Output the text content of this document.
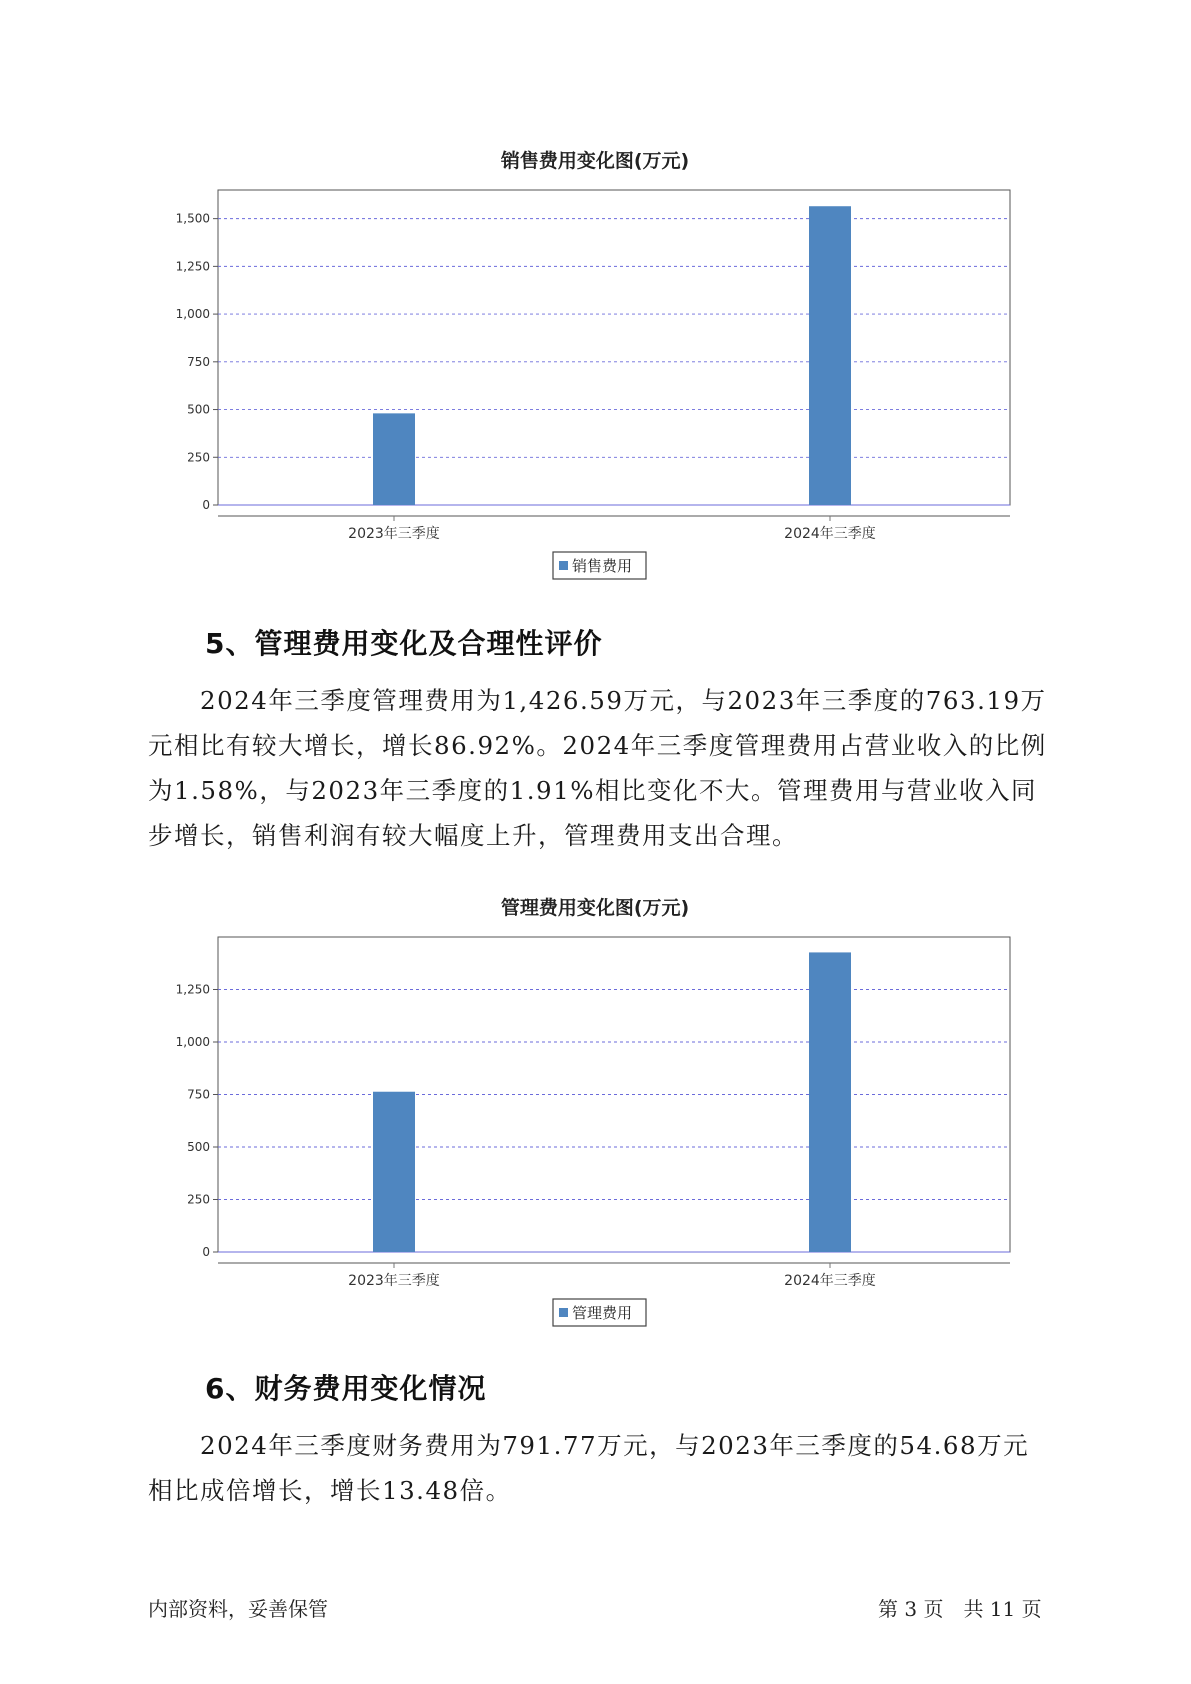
销售费用变化图(万元)
0
250
500
750
1,000
1,250
1,500
2023年三季度	2024年三季度
销售费用
5、管理费用变化及合理性评价
2024年三季度管理费用为1,426.59万元，与2023年三季度的763.19万元相比有较大增长，增长86.92%。2024年三季度管理费用占营业收入的比例为1.58%，与2023年三季度的1.91%相比变化不大。管理费用与营业收入同步增长，销售利润有较大幅度上升，管理费用支出合理。
管理费用变化图(万元)
0
250
500
750
1,000
1,250
2023年三季度	2024年三季度
管理费用
6、财务费用变化情况
2024年三季度财务费用为791.77万元，与2023年三季度的54.68万元相比成倍增长，增长13.48倍。
内部资料，妥善保管	第 3 页　共 11 页
